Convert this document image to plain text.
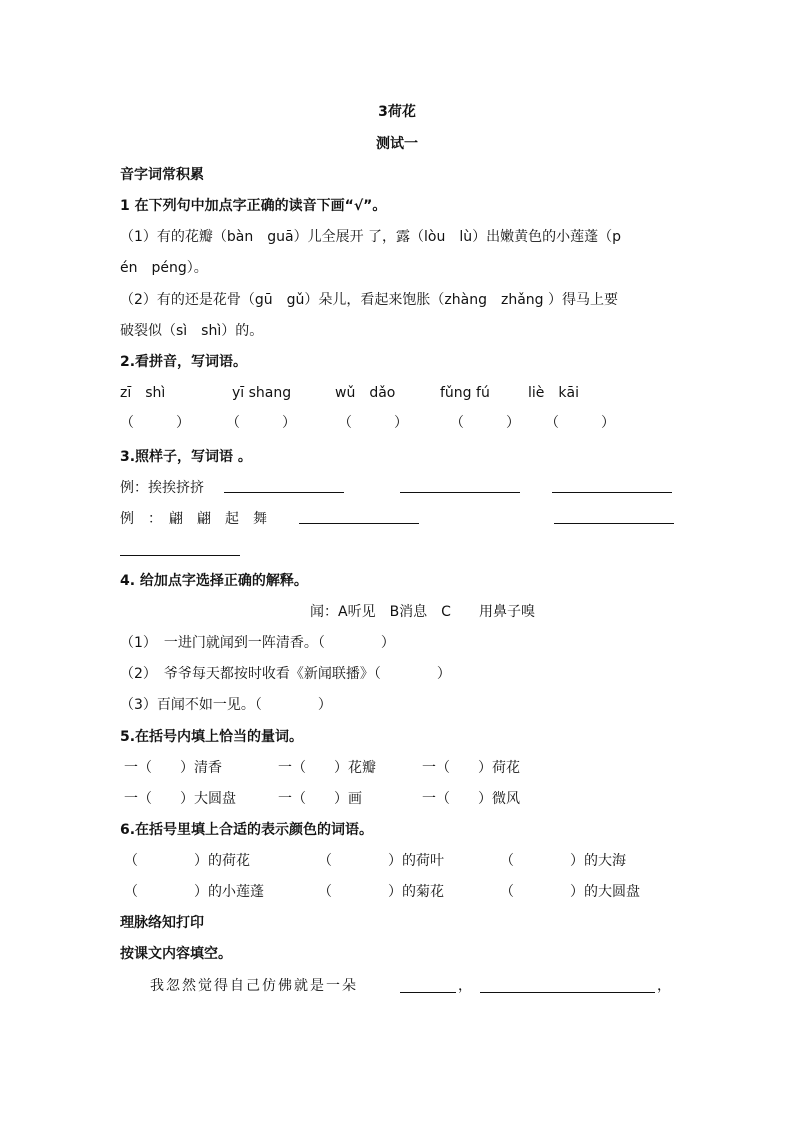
3荷花
测试一
音字词常积累
1 在下列句中加点字正确的读音下画“√”。
（1）有的花瓣（bàn　guā）儿全展开 了，露（lòu　lù）出嫩黄色的小莲蓬（p
én　péng）。
（2）有的还是花骨（gū　gǔ）朵儿，看起来饱胀（zhàng　zhǎng ）得马上要
破裂似（sì　shì）的。
2.看拼音，写词语。
zī　shì	yī shang	wǔ　dǎo	fǔng fú	liè　kāi
（　　　）	（　　　）	（　　　）	（　　　） （　　　）
3.照样子，写词语 。
例：挨挨挤挤
例　：　翩　翩　起　舞
4. 给加点字选择正确的解释。
闻：A听见　B消息　C　　用鼻子嗅
（1）　一进门就闻到一阵清香。（　　　　）
（2）　爷爷每天都按时收看《新闻联播》（　　　　）
（3）百闻不如一见。（　　　　）
5.在括号内填上恰当的量词。
一（　　）清香	一（　　）花瓣	一（　　）荷花
一（　　）大圆盘	一（　　）画	一（　　）微风
6.在括号里填上合适的表示颜色的词语。
（　　　　）的荷花	（　　　　）的荷叶	（　　　　）的大海
（　　　　）的小莲蓬	（　　　　）的菊花	（　　　　）的大圆盘
理脉络知打印
按课文内容填空。
我忽然觉得自己仿佛就是一朵	，	，
